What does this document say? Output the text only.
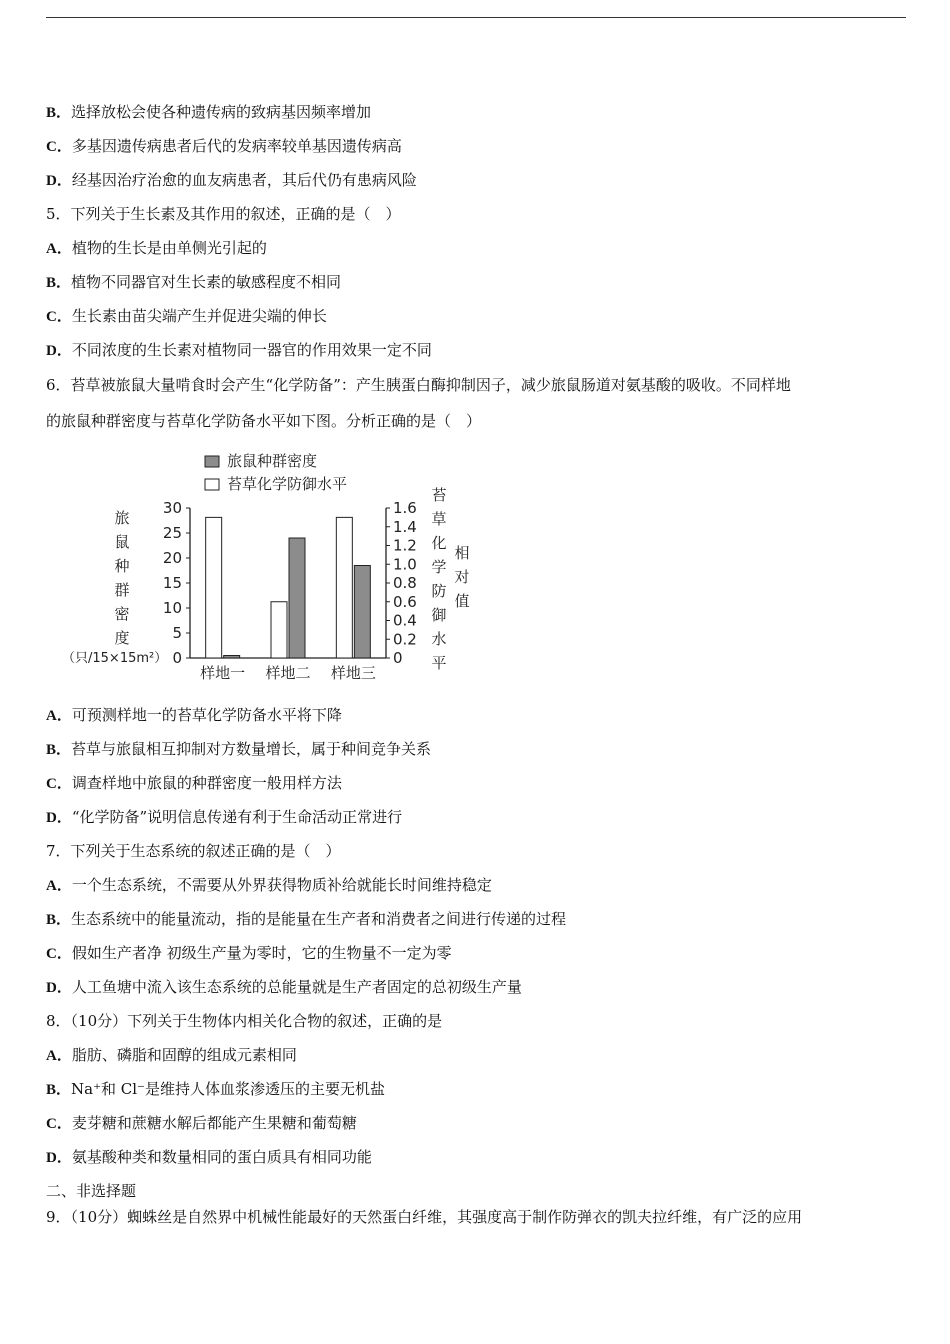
B．选择放松会使各种遗传病的致病基因频率增加
C．多基因遗传病患者后代的发病率较单基因遗传病高
D．经基因治疗治愈的血友病患者，其后代仍有患病风险
5．下列关于生长素及其作用的叙述，正确的是（　）
A．植物的生长是由单侧光引起的
B．植物不同器官对生长素的敏感程度不相同
C．生长素由苗尖端产生并促进尖端的伸长
D．不同浓度的生长素对植物同一器官的作用效果一定不同
6．苔草被旅鼠大量啃食时会产生“化学防备”：产生胰蛋白酶抑制因子，减少旅鼠肠道对氨基酸的吸收。不同样地
的旅鼠种群密度与苔草化学防备水平如下图。分析正确的是（　）
旅鼠种群密度
苔草化学防御水平
旅
鼠
种
群
密
度
（只/15×15m²） 0
5
10
15
20
25
30
0
0.2
0.4
0.6
0.8
1.0
1.2
1.4
1.6
样地一 样地二 样地三
苔
草
化
学
防
御
水
平
相
对
值
A．可预测样地一的苔草化学防备水平将下降
B．苔草与旅鼠相互抑制对方数量增长，属于种间竞争关系
C．调查样地中旅鼠的种群密度一般用样方法
D．“化学防备”说明信息传递有利于生命活动正常进行
7．下列关于生态系统的叙述正确的是（　）
A．一个生态系统，不需要从外界获得物质补给就能长时间维持稳定
B．生态系统中的能量流动，指的是能量在生产者和消费者之间进行传递的过程
C．假如生产者净 初级生产量为零时，它的生物量不一定为零
D．人工鱼塘中流入该生态系统的总能量就是生产者固定的总初级生产量
8．（10分）下列关于生物体内相关化合物的叙述，正确的是
A．脂肪、磷脂和固醇的组成元素相同
B．Na⁺和 Cl⁻是维持人体血浆渗透压的主要无机盐
C．麦芽糖和蔗糖水解后都能产生果糖和葡萄糖
D．氨基酸种类和数量相同的蛋白质具有相同功能
二、非选择题
9．（10分）蜘蛛丝是自然界中机械性能最好的天然蛋白纤维，其强度高于制作防弹衣的凯夫拉纤维，有广泛的应用
